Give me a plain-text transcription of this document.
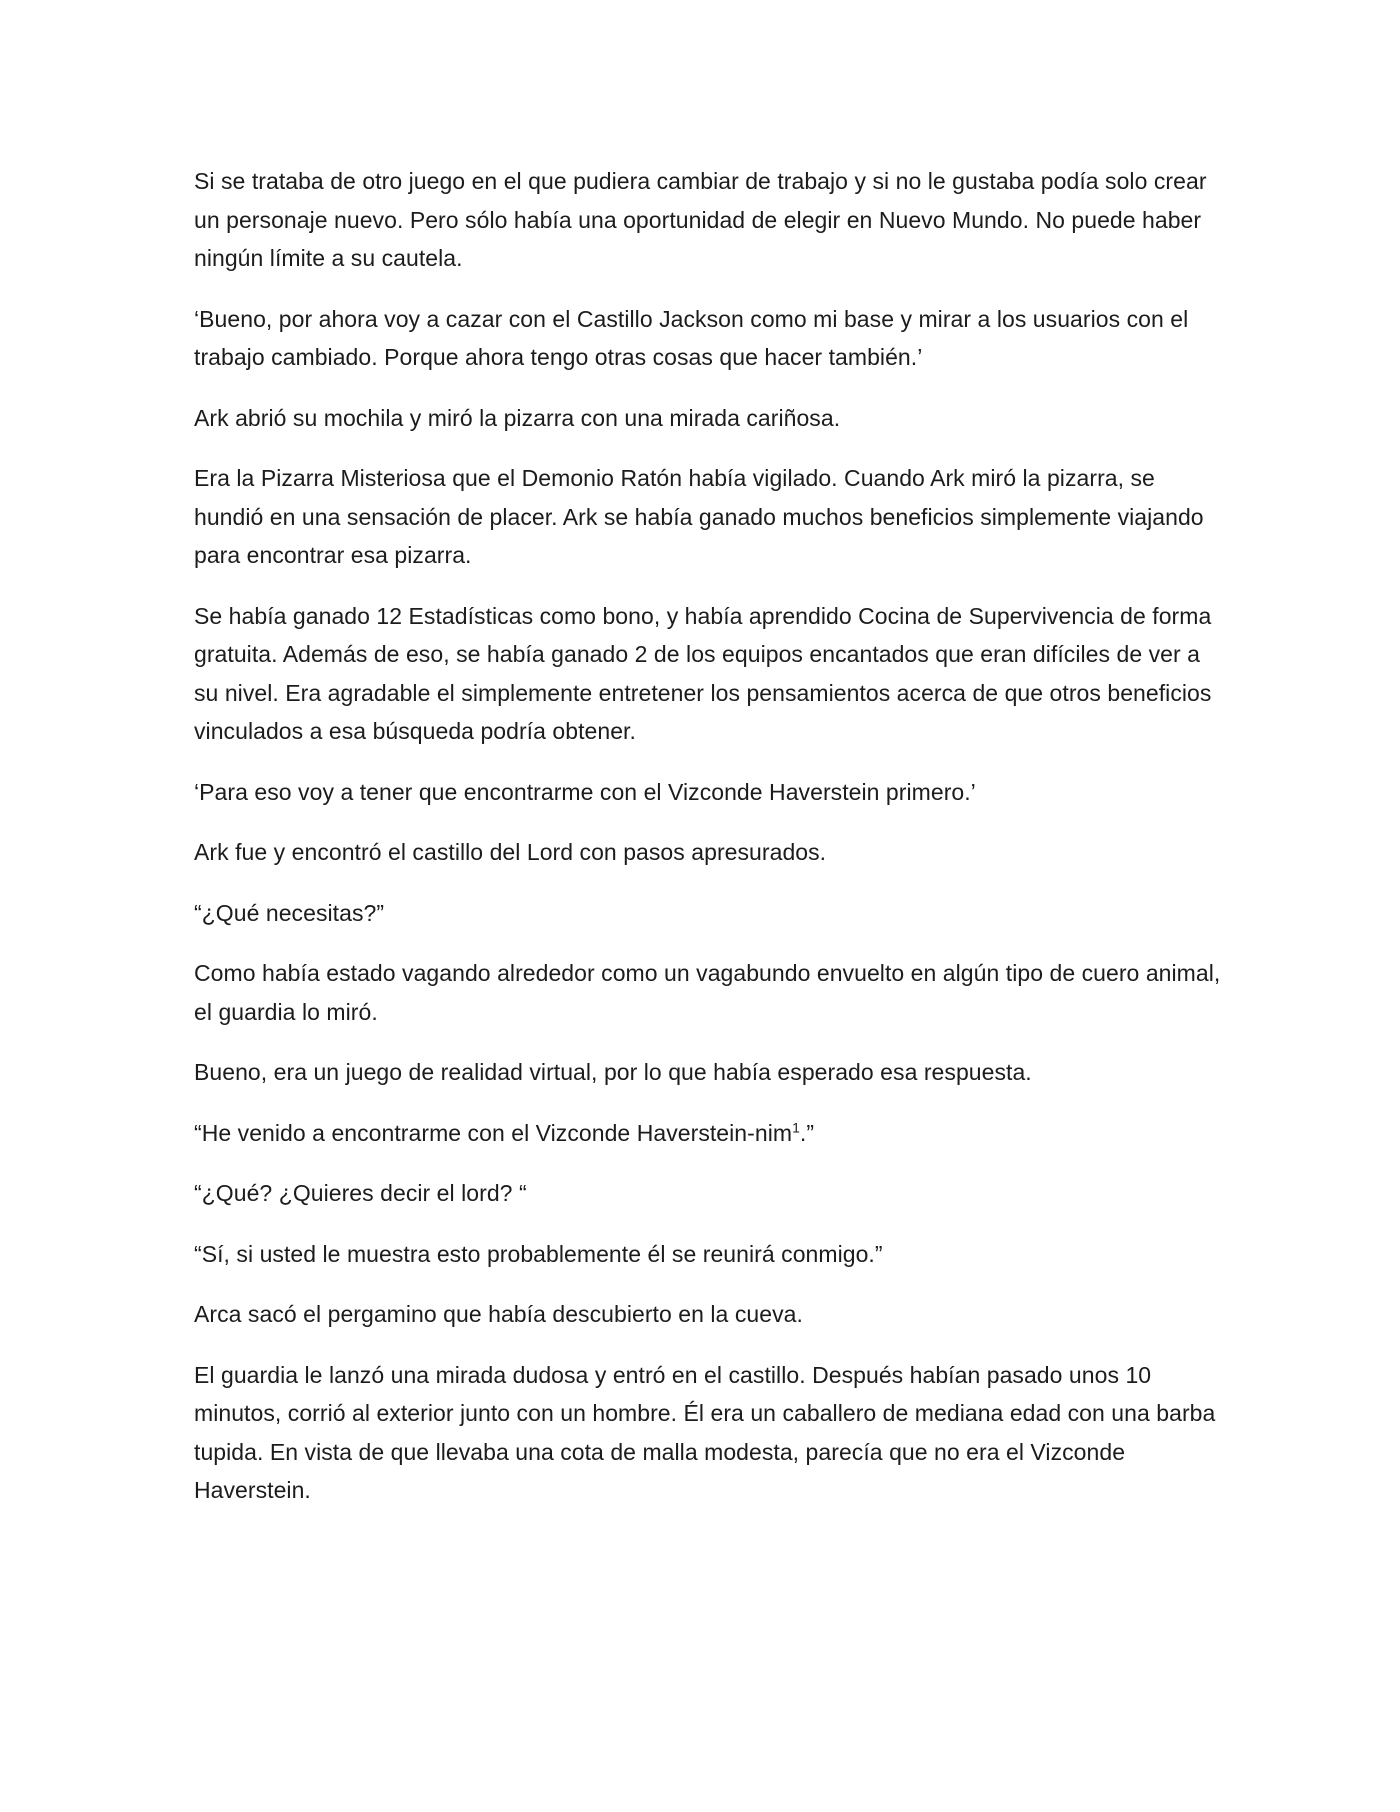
Si se trataba de otro juego en el que pudiera cambiar de trabajo y si no le gustaba podía solo crear un personaje nuevo. Pero sólo había una oportunidad de elegir en Nuevo Mundo. No puede haber ningún límite a su cautela.

‘Bueno, por ahora voy a cazar con el Castillo Jackson como mi base y mirar a los usuarios con el trabajo cambiado. Porque ahora tengo otras cosas que hacer también.’

Ark abrió su mochila y miró la pizarra con una mirada cariñosa.

Era la Pizarra Misteriosa que el Demonio Ratón había vigilado. Cuando Ark miró la pizarra, se hundió en una sensación de placer. Ark se había ganado muchos beneficios simplemente viajando para encontrar esa pizarra.

Se había ganado 12 Estadísticas como bono, y había aprendido Cocina de Supervivencia de forma gratuita. Además de eso, se había ganado 2 de los equipos encantados que eran difíciles de ver a su nivel. Era agradable el simplemente entretener los pensamientos acerca de que otros beneficios vinculados a esa búsqueda podría obtener.

‘Para eso voy a tener que encontrarme con el Vizconde Haverstein primero.’

Ark fue y encontró el castillo del Lord con pasos apresurados.

“¿Qué necesitas?”

Como había estado vagando alrededor como un vagabundo envuelto en algún tipo de cuero animal, el guardia lo miró.

Bueno, era un juego de realidad virtual, por lo que había esperado esa respuesta.

“He venido a encontrarme con el Vizconde Haverstein-nim$^1$.”

“¿Qué? ¿Quieres decir el lord? “

“Sí, si usted le muestra esto probablemente él se reunirá conmigo.”

Arca sacó el pergamino que había descubierto en la cueva.

El guardia le lanzó una mirada dudosa y entró en el castillo. Después habían pasado unos 10 minutos, corrió al exterior junto con un hombre. Él era un caballero de mediana edad con una barba tupida. En vista de que llevaba una cota de malla modesta, parecía que no era el Vizconde Haverstein.
